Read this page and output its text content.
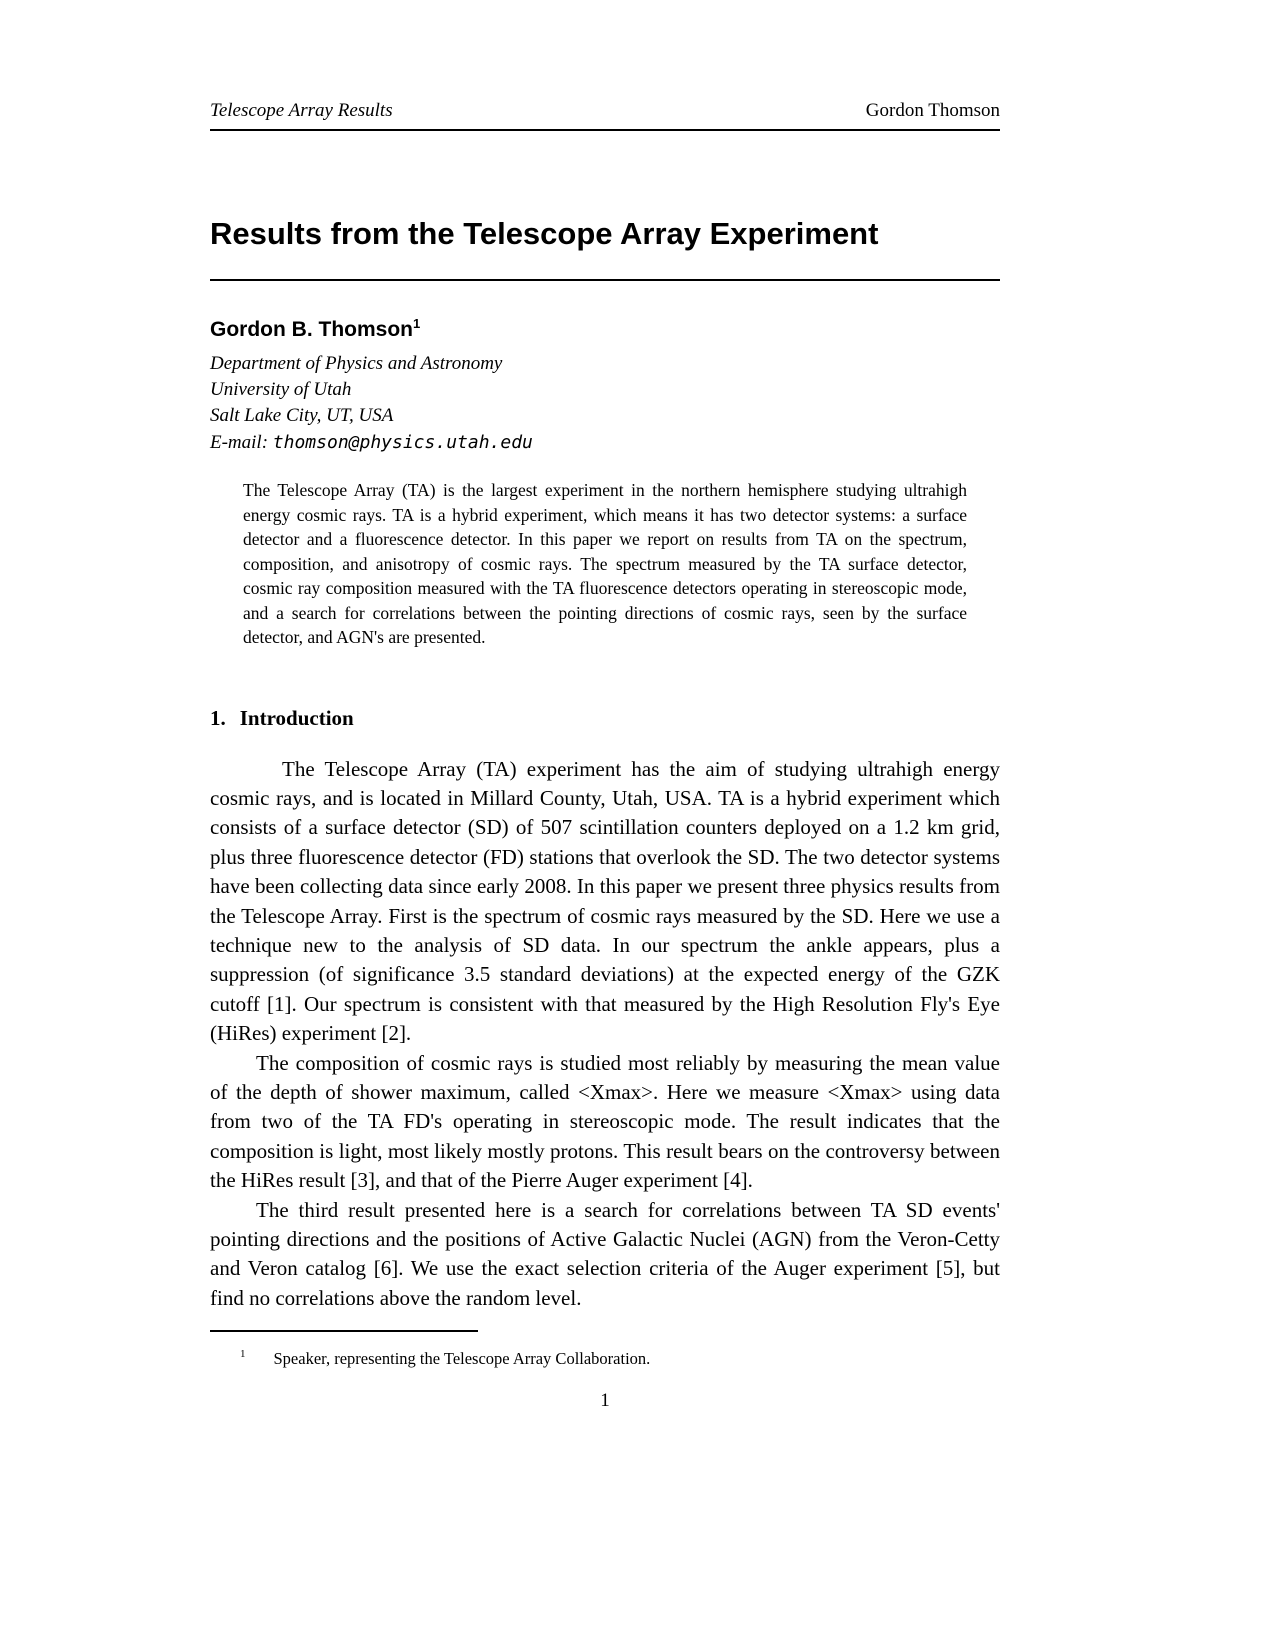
Telescope Array Results	Gordon Thomson
Results from the Telescope Array Experiment
Gordon B. Thomson$^1$
Department of Physics and Astronomy
University of Utah
Salt Lake City, UT, USA
E-mail: thomson@physics.utah.edu

The Telescope Array (TA) is the largest experiment in the northern hemisphere studying ultrahigh energy cosmic rays. TA is a hybrid experiment, which means it has two detector systems: a surface detector and a fluorescence detector. In this paper we report on results from TA on the spectrum, composition, and anisotropy of cosmic rays. The spectrum measured by the TA surface detector, cosmic ray composition measured with the TA fluorescence detectors operating in stereoscopic mode, and a search for correlations between the pointing directions of cosmic rays, seen by the surface detector, and AGN's are presented.

1. Introduction

The Telescope Array (TA) experiment has the aim of studying ultrahigh energy cosmic rays, and is located in Millard County, Utah, USA. TA is a hybrid experiment which consists of a surface detector (SD) of 507 scintillation counters deployed on a 1.2 km grid, plus three fluorescence detector (FD) stations that overlook the SD. The two detector systems have been collecting data since early 2008. In this paper we present three physics results from the Telescope Array. First is the spectrum of cosmic rays measured by the SD. Here we use a technique new to the analysis of SD data. In our spectrum the ankle appears, plus a suppression (of significance 3.5 standard deviations) at the expected energy of the GZK cutoff [1]. Our spectrum is consistent with that measured by the High Resolution Fly's Eye (HiRes) experiment [2].

The composition of cosmic rays is studied most reliably by measuring the mean value of the depth of shower maximum, called <Xmax>. Here we measure <Xmax> using data from two of the TA FD's operating in stereoscopic mode. The result indicates that the composition is light, most likely mostly protons. This result bears on the controversy between the HiRes result [3], and that of the Pierre Auger experiment [4].

The third result presented here is a search for correlations between TA SD events' pointing directions and the positions of Active Galactic Nuclei (AGN) from the Veron-Cetty and Veron catalog [6]. We use the exact selection criteria of the Auger experiment [5], but find no correlations above the random level.

$^1$ Speaker, representing the Telescope Array Collaboration.
1
